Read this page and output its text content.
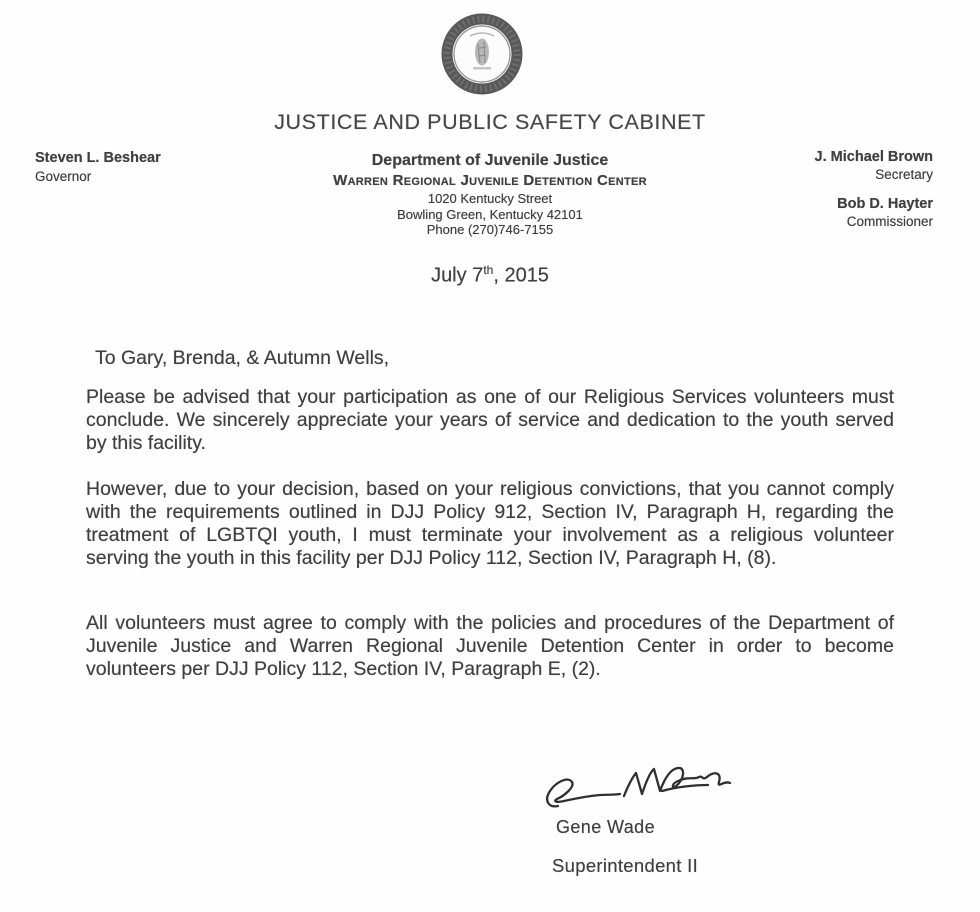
JUSTICE AND PUBLIC SAFETY CABINET
Steven L. Beshear
Governor
Department of Juvenile Justice
Warren Regional Juvenile Detention Center
1020 Kentucky Street
Bowling Green, Kentucky 42101
Phone (270)746-7155
J. Michael Brown
Secretary
Bob D. Hayter
Commissioner
July 7th, 2015
To Gary, Brenda, & Autumn Wells,

Please be advised that your participation as one of our Religious Services volunteers must conclude. We sincerely appreciate your years of service and dedication to the youth served by this facility.

However, due to your decision, based on your religious convictions, that you cannot comply with the requirements outlined in DJJ Policy 912, Section IV, Paragraph H, regarding the treatment of LGBTQI youth, I must terminate your involvement as a religious volunteer serving the youth in this facility per DJJ Policy 112, Section IV, Paragraph H, (8).

All volunteers must agree to comply with the policies and procedures of the Department of Juvenile Justice and Warren Regional Juvenile Detention Center in order to become volunteers per DJJ Policy 112, Section IV, Paragraph E, (2).

Gene Wade
Superintendent II
